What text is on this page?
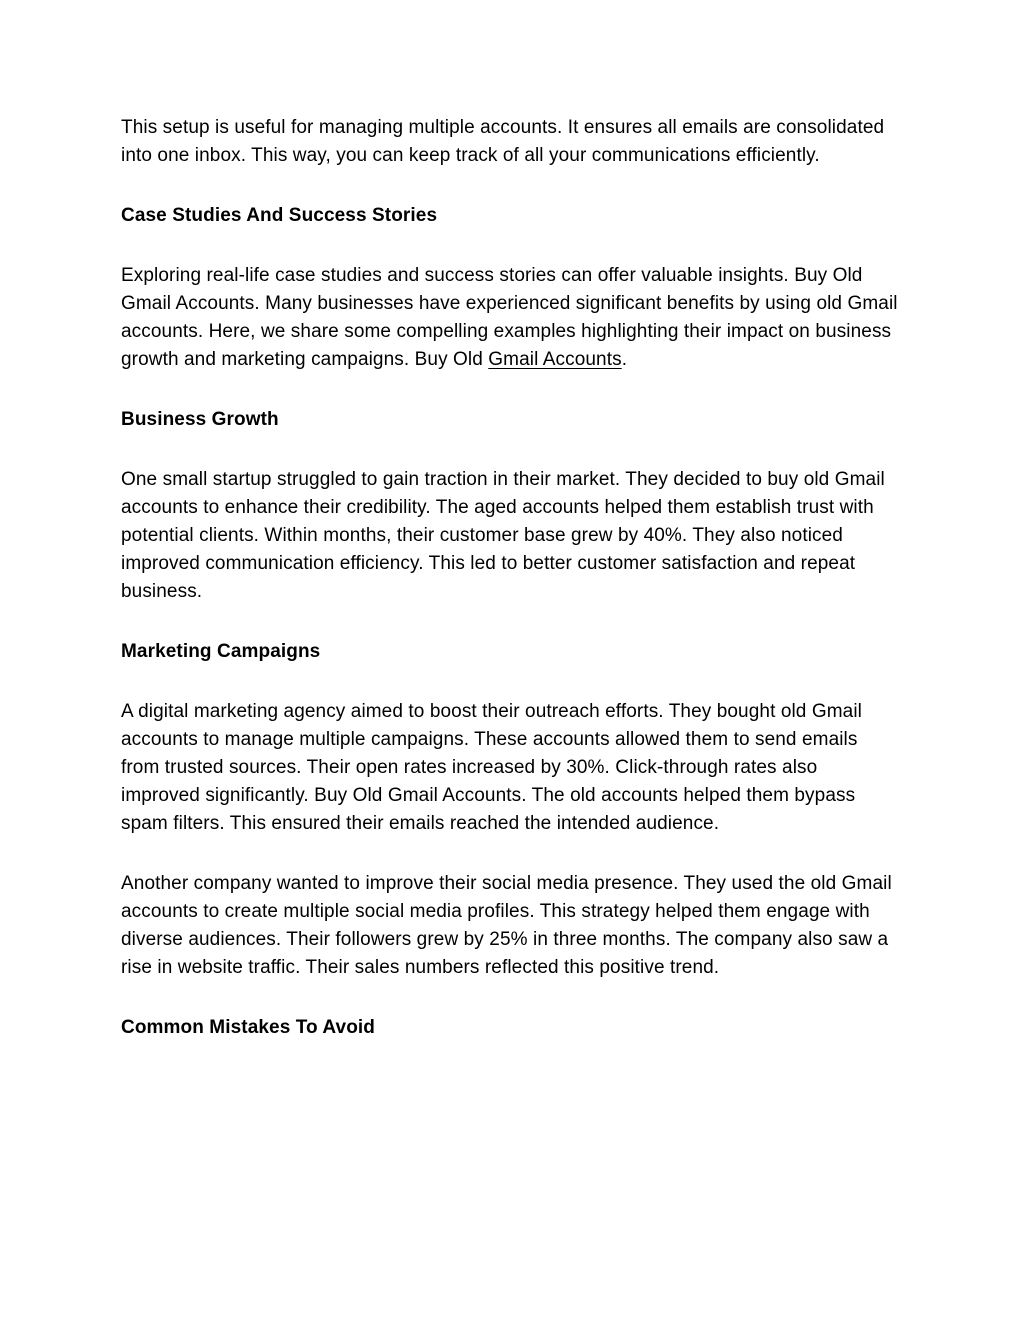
This setup is useful for managing multiple accounts. It ensures all emails are consolidated into one inbox. This way, you can keep track of all your communications efficiently.

Case Studies And Success Stories

Exploring real-life case studies and success stories can offer valuable insights. Buy Old Gmail Accounts. Many businesses have experienced significant benefits by using old Gmail accounts. Here, we share some compelling examples highlighting their impact on business growth and marketing campaigns. Buy Old Gmail Accounts.

Business Growth

One small startup struggled to gain traction in their market. They decided to buy old Gmail accounts to enhance their credibility. The aged accounts helped them establish trust with potential clients. Within months, their customer base grew by 40%. They also noticed improved communication efficiency. This led to better customer satisfaction and repeat business.

Marketing Campaigns

A digital marketing agency aimed to boost their outreach efforts. They bought old Gmail accounts to manage multiple campaigns. These accounts allowed them to send emails from trusted sources. Their open rates increased by 30%. Click-through rates also improved significantly. Buy Old Gmail Accounts. The old accounts helped them bypass spam filters. This ensured their emails reached the intended audience.

Another company wanted to improve their social media presence. They used the old Gmail accounts to create multiple social media profiles. This strategy helped them engage with diverse audiences. Their followers grew by 25% in three months. The company also saw a rise in website traffic. Their sales numbers reflected this positive trend.

Common Mistakes To Avoid
